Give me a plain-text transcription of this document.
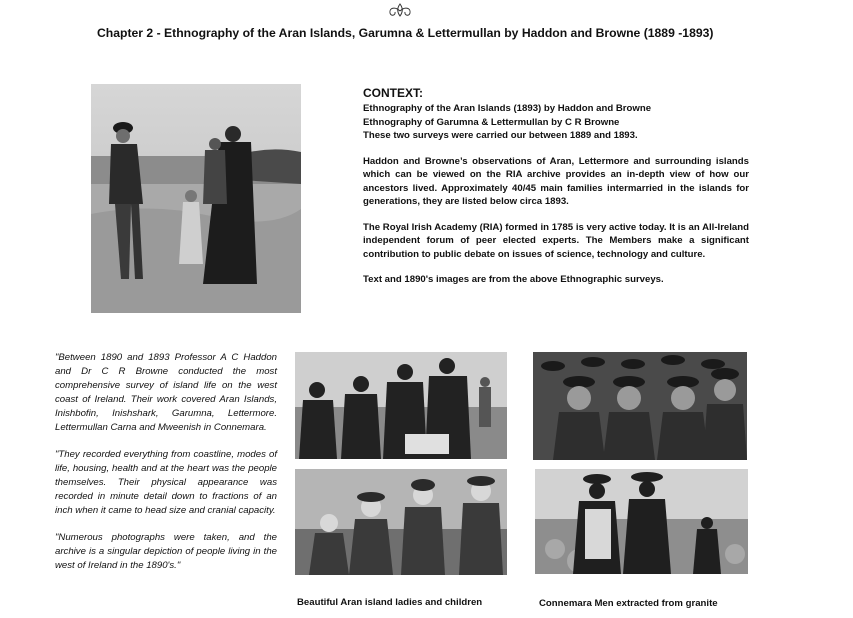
Chapter 2 - Ethnography of the Aran Islands, Garumna & Lettermullan by Haddon and Browne (1889 -1893)
CONTEXT:

Ethnography of the Aran Islands (1893) by Haddon and Browne

Ethnography of Garumna & Lettermullan by C R Browne

These two surveys were carried our between 1889 and 1893.

Haddon and Browne’s observations of Aran, Lettermore and surrounding islands which can be viewed on the RIA archive provides an in-depth view of how our ancestors lived. Approximately 40/45 main families intermarried in the islands for generations, they are listed below circa 1893.

The Royal Irish Academy (RIA) formed in 1785 is very active today. It is an All-Ireland independent forum of peer elected experts. The Members make a significant contribution to public debate on issues of science, technology and culture.

Text and 1890's images are from the above Ethnographic surveys.

"Between 1890 and 1893 Professor A C Haddon and Dr C R Browne conducted the most comprehensive survey of island life on the west coast of Ireland. Their work covered Aran Islands, Inishbofin, Inishshark, Garumna, Lettermore. Lettermullan Carna and Mweenish in Connemara.

"They recorded everything from coastline, modes of life, housing, health and at the heart was the people themselves. Their physical appearance was recorded in minute detail down to fractions of an inch when it came to head size and cranial capacity.

"Numerous photographs were taken, and the archive is a singular depiction of people living in the west of Ireland in the 1890's."

Beautiful Aran island ladies and children	Connemara Men extracted from granite
